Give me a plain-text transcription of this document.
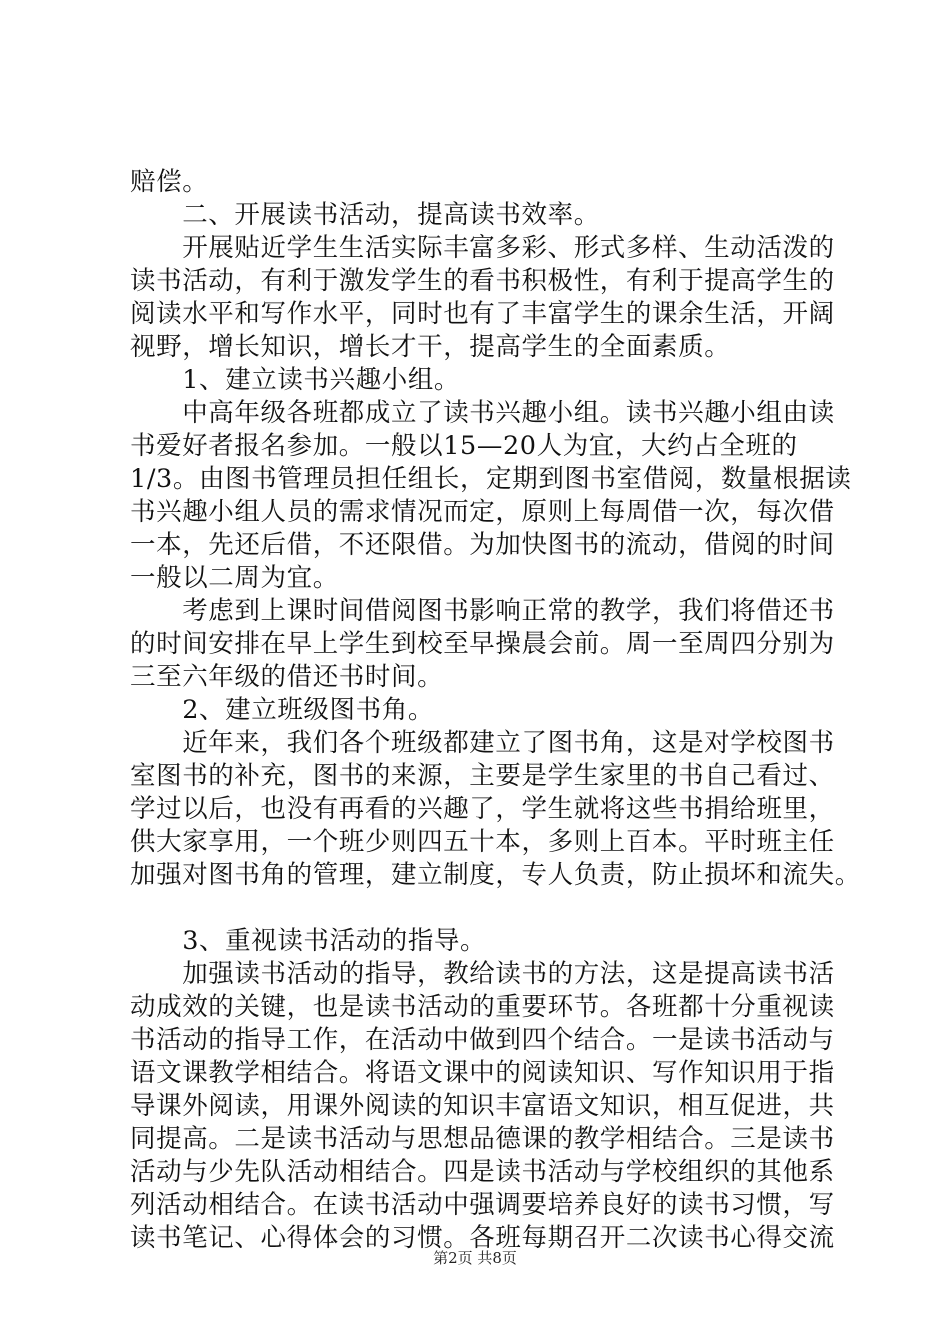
赔偿。
　　二、开展读书活动，提高读书效率。
　　开展贴近学生生活实际丰富多彩、形式多样、生动活泼的
读书活动，有利于激发学生的看书积极性，有利于提高学生的
阅读水平和写作水平，同时也有了丰富学生的课余生活，开阔
视野，增长知识，增长才干，提高学生的全面素质。
　　1、建立读书兴趣小组。
　　中高年级各班都成立了读书兴趣小组。读书兴趣小组由读
书爱好者报名参加。一般以15—20人为宜，大约占全班的
1/3。由图书管理员担任组长，定期到图书室借阅，数量根据读
书兴趣小组人员的需求情况而定，原则上每周借一次，每次借
一本，先还后借，不还限借。为加快图书的流动，借阅的时间
一般以二周为宜。
　　考虑到上课时间借阅图书影响正常的教学，我们将借还书
的时间安排在早上学生到校至早操晨会前。周一至周四分别为
三至六年级的借还书时间。
　　2、建立班级图书角。
　　近年来，我们各个班级都建立了图书角，这是对学校图书
室图书的补充，图书的来源，主要是学生家里的书自己看过、
学过以后，也没有再看的兴趣了，学生就将这些书捐给班里，
供大家享用，一个班少则四五十本，多则上百本。平时班主任
加强对图书角的管理，建立制度，专人负责，防止损坏和流失。
　　3、重视读书活动的指导。
　　加强读书活动的指导，教给读书的方法，这是提高读书活
动成效的关键，也是读书活动的重要环节。各班都十分重视读
书活动的指导工作，在活动中做到四个结合。一是读书活动与
语文课教学相结合。将语文课中的阅读知识、写作知识用于指
导课外阅读，用课外阅读的知识丰富语文知识，相互促进，共
同提高。二是读书活动与思想品德课的教学相结合。三是读书
活动与少先队活动相结合。四是读书活动与学校组织的其他系
列活动相结合。在读书活动中强调要培养良好的读书习惯，写
读书笔记、心得体会的习惯。各班每期召开二次读书心得交流
第2页 共8页
